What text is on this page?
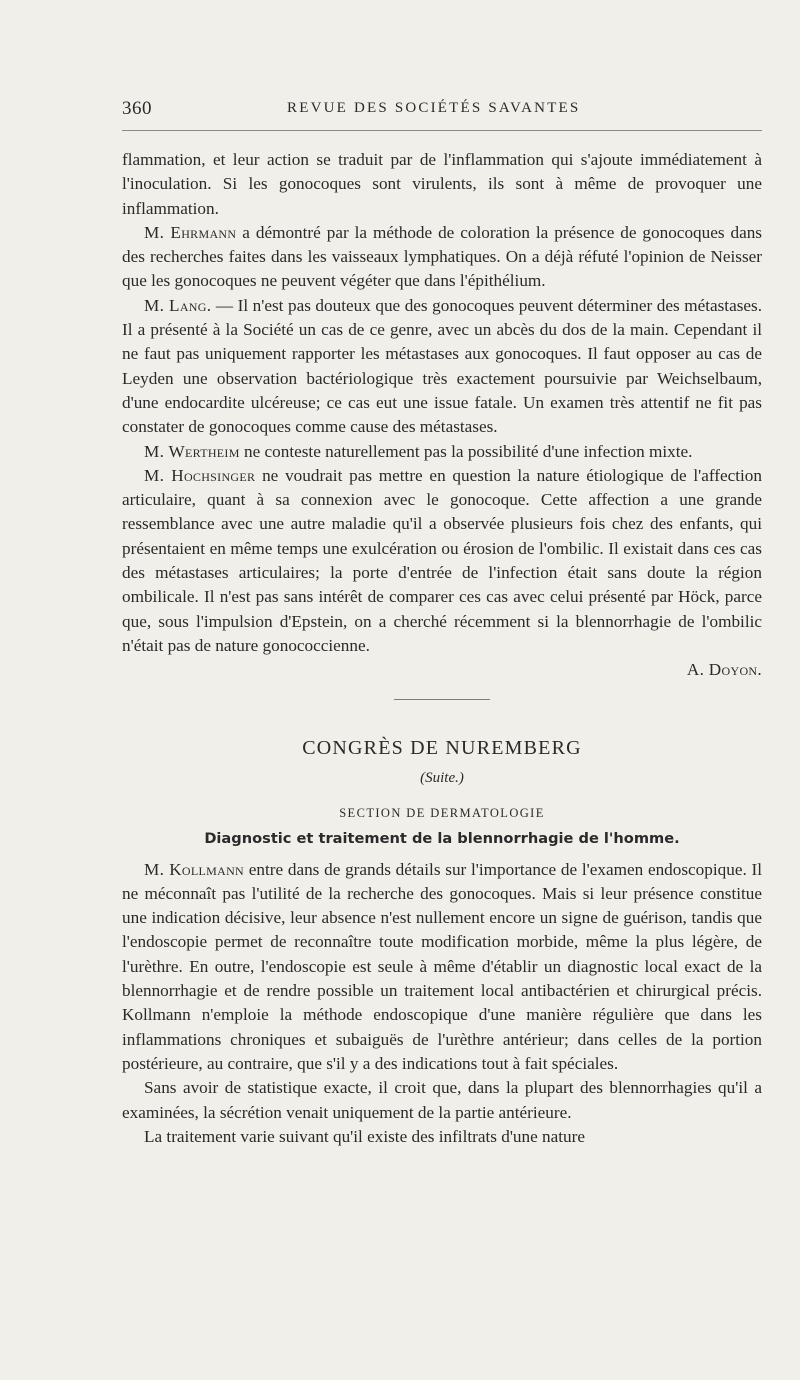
360	REVUE DES SOCIÉTÉS SAVANTES

flammation, et leur action se traduit par de l'inflammation qui s'ajoute immédiatement à l'inoculation. Si les gonocoques sont virulents, ils sont à même de provoquer une inflammation.

M. Ehrmann a démontré par la méthode de coloration la présence de gonocoques dans des recherches faites dans les vaisseaux lymphatiques. On a déjà réfuté l'opinion de Neisser que les gonocoques ne peuvent végéter que dans l'épithélium.

M. Lang. — Il n'est pas douteux que des gonocoques peuvent déterminer des métastases. Il a présenté à la Société un cas de ce genre, avec un abcès du dos de la main. Cependant il ne faut pas uniquement rapporter les métastases aux gonocoques. Il faut opposer au cas de Leyden une observation bactériologique très exactement poursuivie par Weichselbaum, d'une endocardite ulcéreuse; ce cas eut une issue fatale. Un examen très attentif ne fit pas constater de gonocoques comme cause des métastases.

M. Wertheim ne conteste naturellement pas la possibilité d'une infection mixte.

M. Hochsinger ne voudrait pas mettre en question la nature étiologique de l'affection articulaire, quant à sa connexion avec le gonocoque. Cette affection a une grande ressemblance avec une autre maladie qu'il a observée plusieurs fois chez des enfants, qui présentaient en même temps une exulcération ou érosion de l'ombilic. Il existait dans ces cas des métastases articulaires; la porte d'entrée de l'infection était sans doute la région ombilicale. Il n'est pas sans intérêt de comparer ces cas avec celui présenté par Höck, parce que, sous l'impulsion d'Epstein, on a cherché récemment si la blennorrhagie de l'ombilic n'était pas de nature gonococcienne.

A. Doyon.
CONGRÈS DE NUREMBERG
(Suite.)
SECTION DE DERMATOLOGIE
Diagnostic et traitement de la blennorrhagie de l'homme.

M. Kollmann entre dans de grands détails sur l'importance de l'examen endoscopique. Il ne méconnaît pas l'utilité de la recherche des gonocoques. Mais si leur présence constitue une indication décisive, leur absence n'est nullement encore un signe de guérison, tandis que l'endoscopie permet de reconnaître toute modification morbide, même la plus légère, de l'urèthre. En outre, l'endoscopie est seule à même d'établir un diagnostic local exact de la blennorrhagie et de rendre possible un traitement local antibactérien et chirurgical précis. Kollmann n'emploie la méthode endoscopique d'une manière régulière que dans les inflammations chroniques et subaiguës de l'urèthre antérieur; dans celles de la portion postérieure, au contraire, que s'il y a des indications tout à fait spéciales.

Sans avoir de statistique exacte, il croit que, dans la plupart des blennorrhagies qu'il a examinées, la sécrétion venait uniquement de la partie antérieure.

La traitement varie suivant qu'il existe des infiltrats d'une nature
